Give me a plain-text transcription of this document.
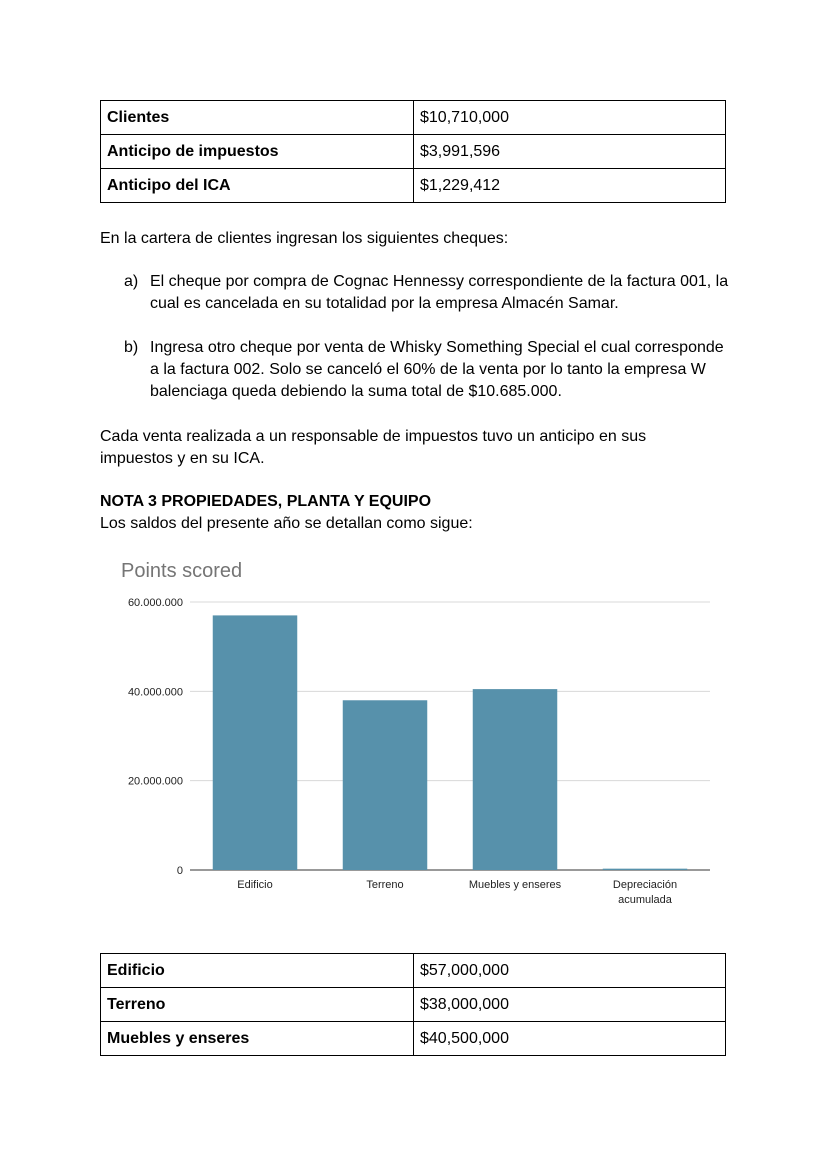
Clientes	$10,710,000
Anticipo de impuestos	$3,991,596
Anticipo del ICA	$1,229,412

En la cartera de clientes ingresan los siguientes cheques:

a) El cheque por compra de Cognac Hennessy correspondiente de la factura 001, la cual es cancelada en su totalidad por la empresa Almacén Samar.
b) Ingresa otro cheque por venta de Whisky Something Special el cual corresponde a la factura 002. Solo se canceló el 60% de la venta por lo tanto la empresa W balenciaga queda debiendo la suma total de $10.685.000.

Cada venta realizada a un responsable de impuestos tuvo un anticipo en sus impuestos y en su ICA.

NOTA 3 PROPIEDADES, PLANTA Y EQUIPO
Los saldos del presente año se detallan como sigue:
Points scored
0
20.000.000
40.000.000
60.000.000
Edificio	Terreno	Muebles y enseres	Depreciación acumulada
Edificio	$57,000,000
Terreno	$38,000,000
Muebles y enseres	$40,500,000
